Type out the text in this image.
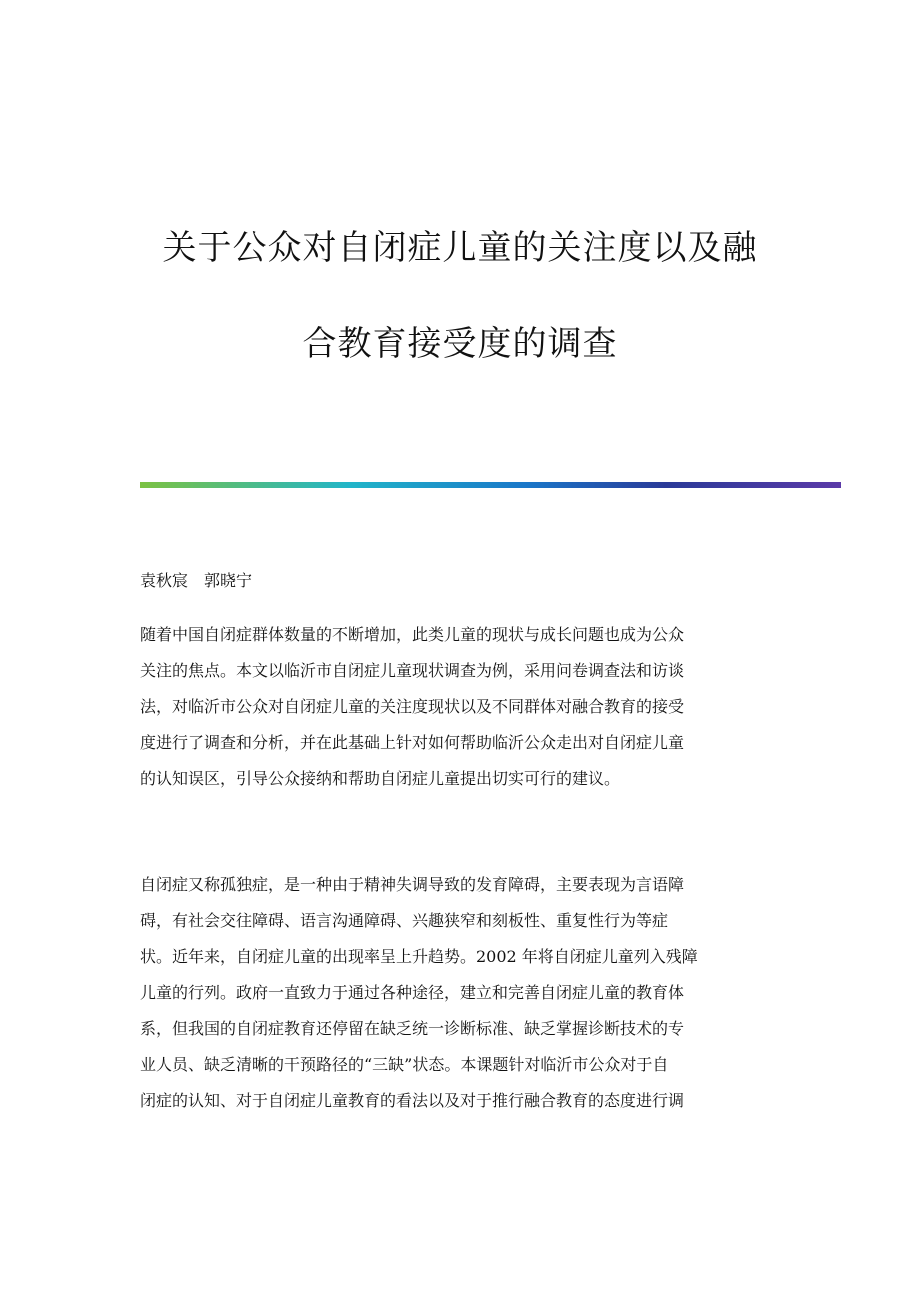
关于公众对自闭症儿童的关注度以及融
合教育接受度的调查
袁秋宸　郭晓宁
随着中国自闭症群体数量的不断增加，此类儿童的现状与成长问题也成为公众
关注的焦点。本文以临沂市自闭症儿童现状调查为例，采用问卷调查法和访谈
法，对临沂市公众对自闭症儿童的关注度现状以及不同群体对融合教育的接受
度进行了调查和分析，并在此基础上针对如何帮助临沂公众走出对自闭症儿童
的认知误区，引导公众接纳和帮助自闭症儿童提出切实可行的建议。
自闭症又称孤独症，是一种由于精神失调导致的发育障碍，主要表现为言语障
碍，有社会交往障碍、语言沟通障碍、兴趣狭窄和刻板性、重复性行为等症
状。近年来，自闭症儿童的出现率呈上升趋势。2002 年将自闭症儿童列入残障
儿童的行列。政府一直致力于通过各种途径，建立和完善自闭症儿童的教育体
系，但我国的自闭症教育还停留在缺乏统一诊断标准、缺乏掌握诊断技术的专
业人员、缺乏清晰的干预路径的“三缺”状态。本课题针对临沂市公众对于自
闭症的认知、对于自闭症儿童教育的看法以及对于推行融合教育的态度进行调
